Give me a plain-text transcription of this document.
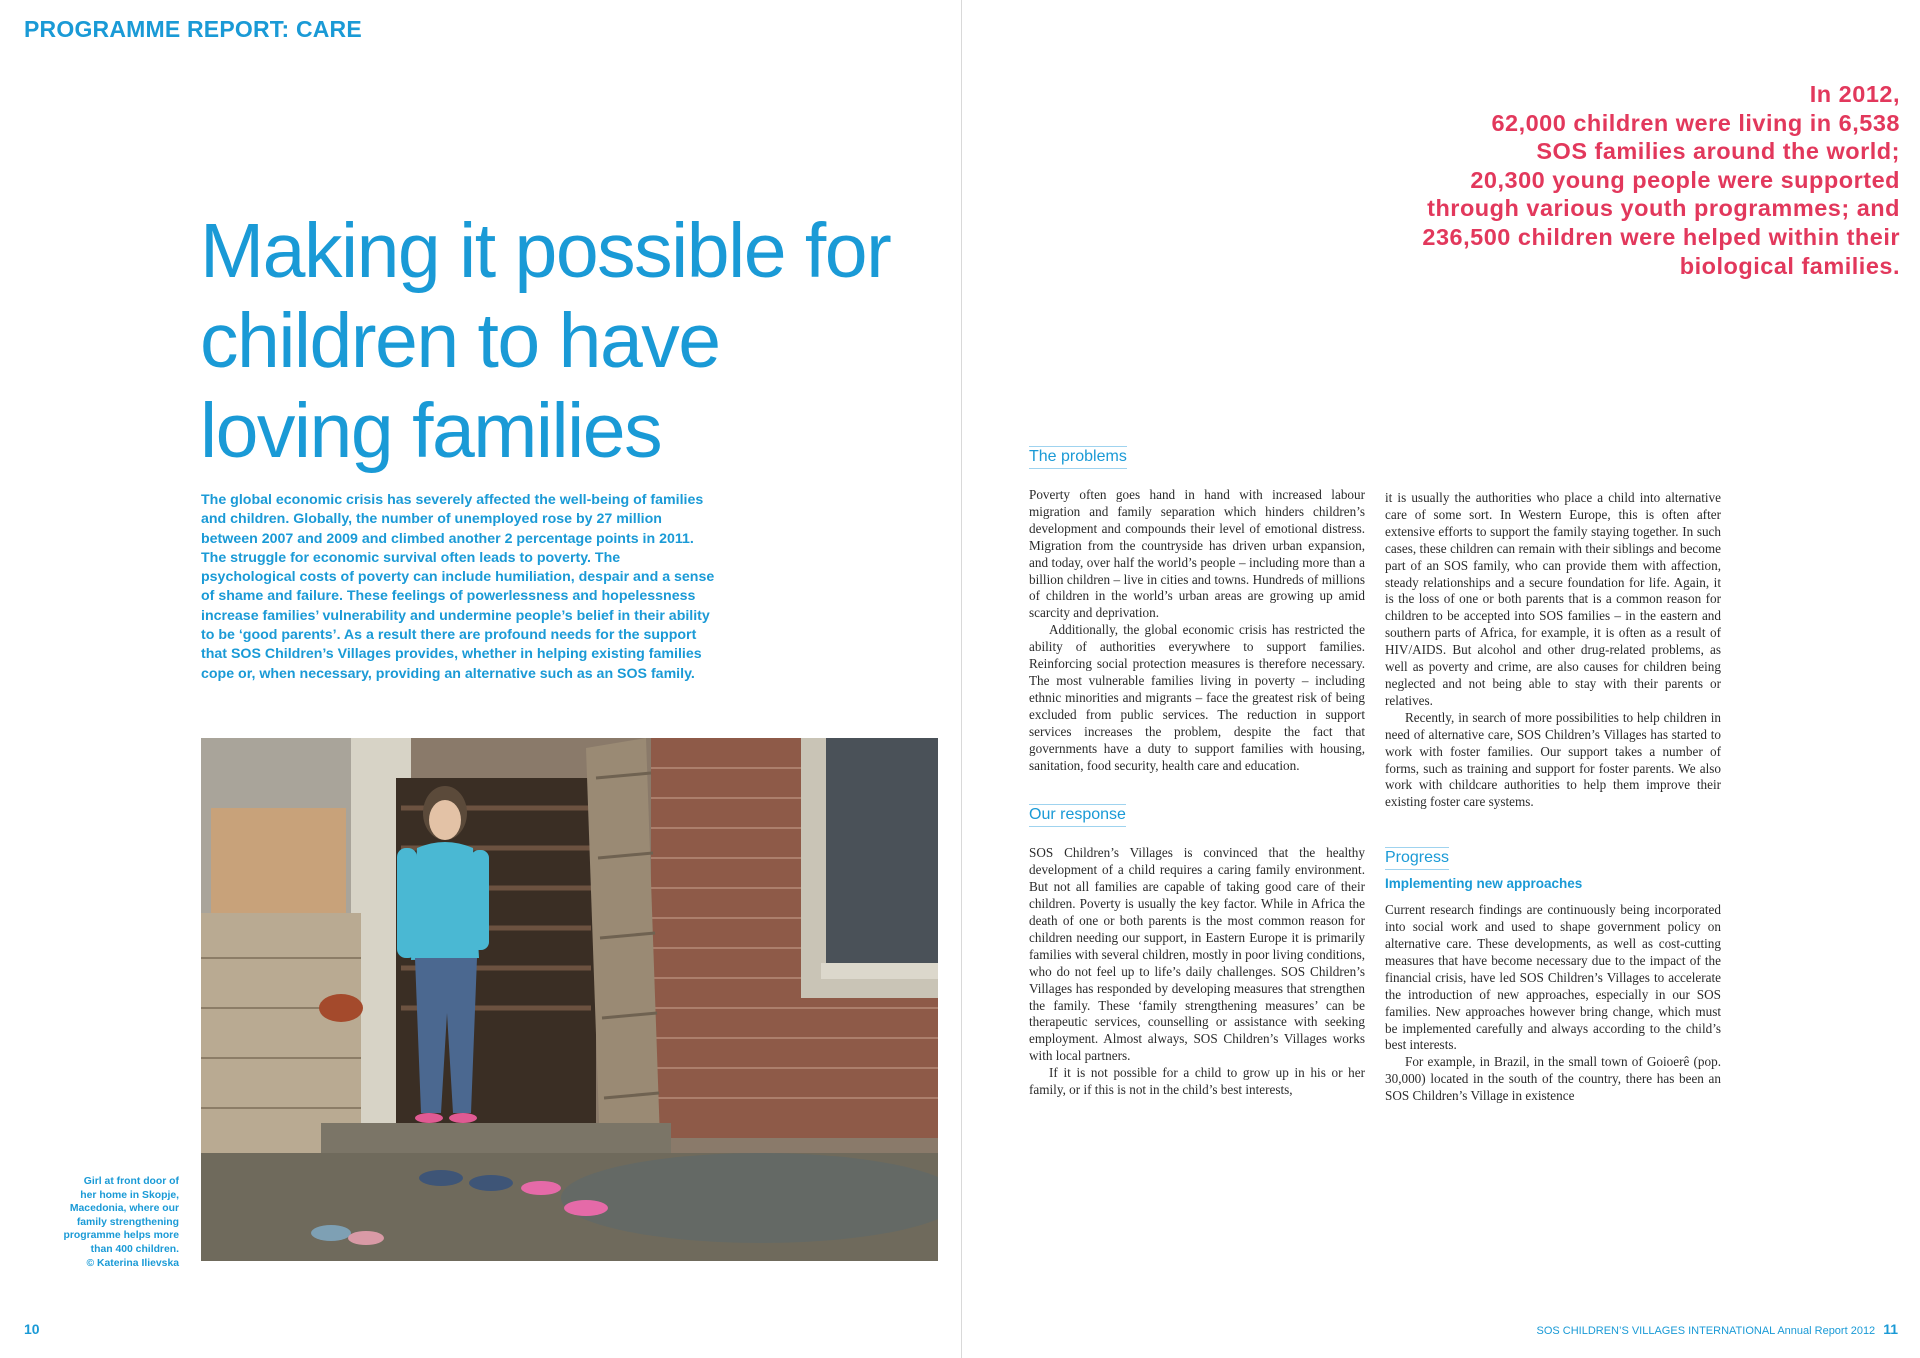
PROGRAMME REPORT: CARE
Making it possible for children to have loving families

The global economic crisis has severely affected the well-being of families and children. Globally, the number of unemployed rose by 27 million between 2007 and 2009 and climbed another 2 percentage points in 2011. The struggle for economic survival often leads to poverty. The psychological costs of poverty can include humiliation, despair and a sense of shame and failure. These feelings of powerlessness and hopelessness increase families’ vulnerability and undermine people’s belief in their ability to be ‘good parents’. As a result there are profound needs for the support that SOS Children’s Villages provides, whether in helping existing families cope or, when necessary, providing an alternative such as an SOS family.

Girl at front door of
her home in Skopje,
Macedonia, where our
family strengthening
programme helps more
than 400 children.
© Katerina Ilievska
10
In 2012,
62,000 children were living in 6,538
SOS families around the world;
20,300 young people were supported
through various youth programmes; and
236,500 children were helped within their
biological families.
The problems

Poverty often goes hand in hand with increased labour migration and family separation which hinders children’s development and compounds their level of emotional distress. Migration from the countryside has driven urban expansion, and today, over half the world’s people – including more than a billion children – live in cities and towns. Hundreds of millions of children in the world’s urban areas are growing up amid scarcity and deprivation.

Additionally, the global economic crisis has restricted the ability of authorities everywhere to support families. Reinforcing social protection measures is therefore necessary. The most vulnerable families living in poverty – including ethnic minorities and migrants – face the greatest risk of being excluded from public services. The reduction in support services increases the problem, despite the fact that governments have a duty to support families with housing, sanitation, food security, health care and education.

Our response

SOS Children’s Villages is convinced that the healthy development of a child requires a caring family environment. But not all families are capable of taking good care of their children. Poverty is usually the key factor. While in Africa the death of one or both parents is the most common reason for children needing our support, in Eastern Europe it is primarily families with several children, mostly in poor living conditions, who do not feel up to life’s daily challenges. SOS Children’s Villages has responded by developing measures that strengthen the family. These ‘family strengthening measures’ can be therapeutic services, counselling or assistance with seeking employment. Almost always, SOS Children’s Villages works with local partners.

If it is not possible for a child to grow up in his or her family, or if this is not in the child’s best interests,

it is usually the authorities who place a child into alternative care of some sort. In Western Europe, this is often after extensive efforts to support the family staying together. In such cases, these children can remain with their siblings and become part of an SOS family, who can provide them with affection, steady relationships and a secure foundation for life. Again, it is the loss of one or both parents that is a common reason for children to be accepted into SOS families – in the eastern and southern parts of Africa, for example, it is often as a result of HIV/AIDS. But alcohol and other drug-related problems, as well as poverty and crime, are also causes for children being neglected and not being able to stay with their parents or relatives.

Recently, in search of more possibilities to help children in need of alternative care, SOS Children’s Villages has started to work with foster families. Our support takes a number of forms, such as training and support for foster parents. We also work with childcare authorities to help them improve their existing foster care systems.

Progress

Implementing new approaches

Current research findings are continuously being incorporated into social work and used to shape government policy on alternative care. These developments, as well as cost-cutting measures that have become necessary due to the impact of the financial crisis, have led SOS Children’s Villages to accelerate the introduction of new approaches, especially in our SOS families. New approaches however bring change, which must be implemented carefully and always according to the child’s best interests.

For example, in Brazil, in the small town of Goioerê (pop. 30,000) located in the south of the country, there has been an SOS Children’s Village in existence

SOS CHILDREN’S VILLAGES INTERNATIONAL Annual Report 2012 11
